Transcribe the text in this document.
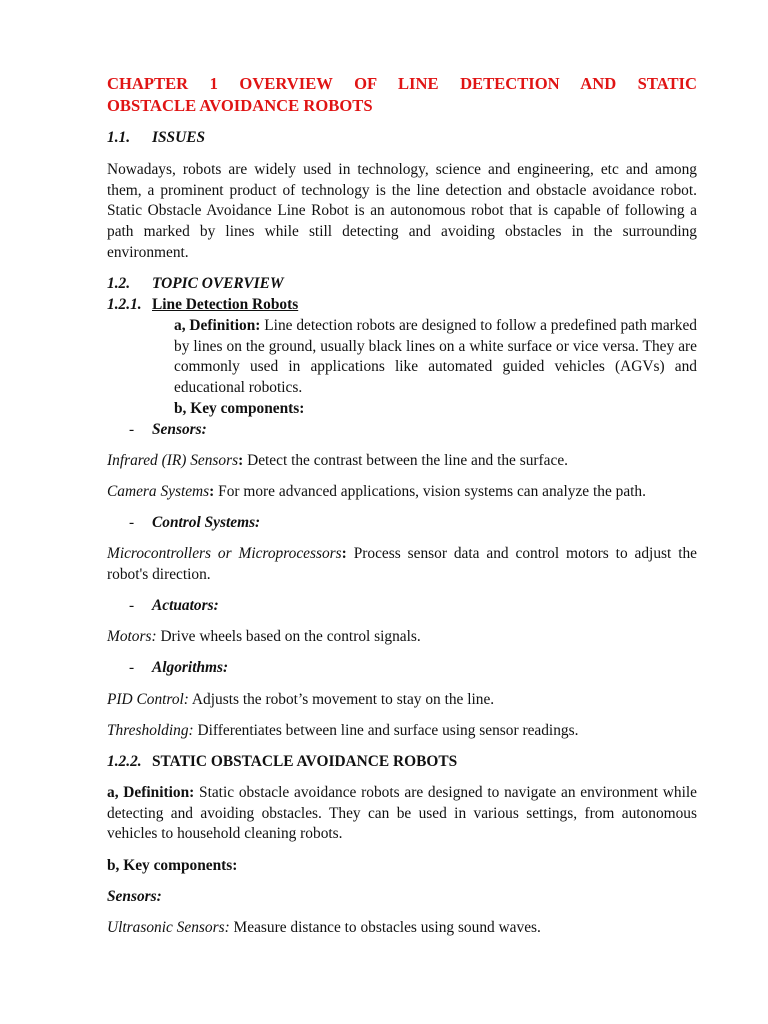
CHAPTER 1 OVERVIEW OF LINE DETECTION AND STATIC
OBSTACLE AVOIDANCE ROBOTS
1.1. ISSUES

Nowadays, robots are widely used in technology, science and engineering, etc and among them, a prominent product of technology is the line detection and obstacle avoidance robot. Static Obstacle Avoidance Line Robot is an autonomous robot that is capable of following a path marked by lines while still detecting and avoiding obstacles in the surrounding environment.

1.2. TOPIC OVERVIEW
1.2.1. Line Detection Robots

a, Definition: Line detection robots are designed to follow a predefined path marked by lines on the ground, usually black lines on a white surface or vice versa. They are commonly used in applications like automated guided vehicles (AGVs) and educational robotics.

b, Key components:
- Sensors:

Infrared (IR) Sensors: Detect the contrast between the line and the surface.

Camera Systems: For more advanced applications, vision systems can analyze the path.

- Control Systems:

Microcontrollers or Microprocessors: Process sensor data and control motors to adjust the robot's direction.

- Actuators:

Motors: Drive wheels based on the control signals.

- Algorithms:

PID Control: Adjusts the robot’s movement to stay on the line.

Thresholding: Differentiates between line and surface using sensor readings.

1.2.2. STATIC OBSTACLE AVOIDANCE ROBOTS

a, Definition: Static obstacle avoidance robots are designed to navigate an environment while detecting and avoiding obstacles. They can be used in various settings, from autonomous vehicles to household cleaning robots.

b, Key components:
Sensors:

Ultrasonic Sensors: Measure distance to obstacles using sound waves.
